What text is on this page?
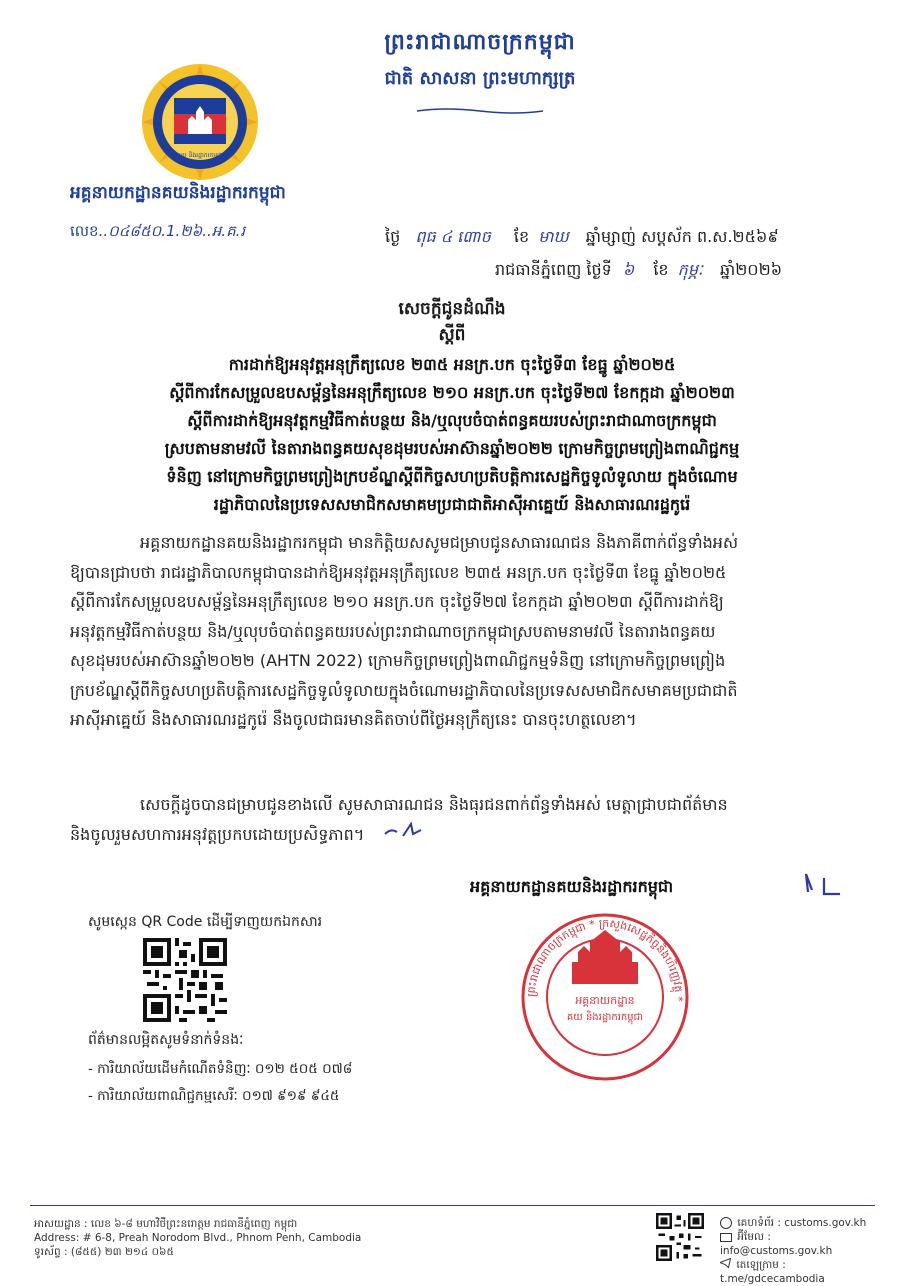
គយ និងរដ្ឋាករកម្ពុជា
ព្រះរាជាណាចក្រកម្ពុជា
ជាតិ សាសនា ព្រះមហាក្សត្រ
អគ្គនាយកដ្ឋានគយនិងរដ្ឋាករកម្ពុជា
លេខ..០៤៨៥០.1.២៦..អ.គ.រ	ថ្ងៃ ពុធ ៤ ៣ោច ខែ មាឃ ឆ្នាំម្សាញ់ សប្តស័ក ព.ស.២៥៦៩
រាជធានីភ្នំពេញ ថ្ងៃទី ៦ ខែ កុម្ភៈ ឆ្នាំ២០២៦
សេចក្តីជូនដំណឹង
ស្តីពី
ការដាក់ឱ្យអនុវត្តអនុក្រឹត្យលេខ ២៣៥ អនក្រ.បក ចុះថ្ងៃទី៣ ខែធ្នូ ឆ្នាំ២០២៥
ស្តីពីការកែសម្រួលឧបសម្ព័ន្ធនៃអនុក្រឹត្យលេខ ២១០ អនក្រ.បក ចុះថ្ងៃទី២៧ ខែកក្កដា ឆ្នាំ២០២៣
ស្តីពីការដាក់ឱ្យអនុវត្តកម្មវិធីកាត់បន្ថយ និង/ឬលុបចំបាត់ពន្ធគយរបស់ព្រះរាជាណាចក្រកម្ពុជា
ស្របតាមនាមវលី នៃតារាងពន្ធគយសុខដុមរបស់អាស៊ានឆ្នាំ២០២២ ក្រោមកិច្ចព្រមព្រៀងពាណិជ្ជកម្ម
ទំនិញ នៅក្រោមកិច្ចព្រមព្រៀងក្របខ័ណ្ឌស្តីពីកិច្ចសហប្រតិបត្តិការសេដ្ឋកិច្ចទូលំទូលាយ ក្នុងចំណោម
រដ្ឋាភិបាលនៃប្រទេសសមាជិកសមាគមប្រជាជាតិអាស៊ីអាគ្នេយ៍ និងសាធារណរដ្ឋកូរ៉េ
អគ្គនាយកដ្ឋានគយនិងរដ្ឋាករកម្ពុជា មានកិត្តិយសសូមជម្រាបជូនសាធារណជន និងភាគីពាក់ព័ន្ធទាំងអស់
ឱ្យបានជ្រាបថា រាជរដ្ឋាភិបាលកម្ពុជាបានដាក់ឱ្យអនុវត្តអនុក្រឹត្យលេខ ២៣៥ អនក្រ.បក ចុះថ្ងៃទី៣ ខែធ្នូ ឆ្នាំ២០២៥
ស្តីពីការកែសម្រួលឧបសម្ព័ន្ធនៃអនុក្រឹត្យលេខ ២១០ អនក្រ.បក ចុះថ្ងៃទី២៧ ខែកក្កដា ឆ្នាំ២០២៣ ស្តីពីការដាក់ឱ្យ
អនុវត្តកម្មវិធីកាត់បន្ថយ និង/ឬលុបចំបាត់ពន្ធគយរបស់ព្រះរាជាណាចក្រកម្ពុជាស្របតាមនាមវលី នៃតារាងពន្ធគយ
សុខដុមរបស់អាស៊ានឆ្នាំ២០២២ (AHTN 2022) ក្រោមកិច្ចព្រមព្រៀងពាណិជ្ជកម្មទំនិញ នៅក្រោមកិច្ចព្រមព្រៀង
ក្របខ័ណ្ឌស្តីពីកិច្ចសហប្រតិបត្តិការសេដ្ឋកិច្ចទូលំទូលាយក្នុងចំណោមរដ្ឋាភិបាលនៃប្រទេសសមាជិកសមាគមប្រជាជាតិ
អាស៊ីអាគ្នេយ៍ និងសាធារណរដ្ឋកូរ៉េ នឹងចូលជាធរមានគិតចាប់ពីថ្ងៃអនុក្រឹត្យនេះ បានចុះហត្ថលេខា។
សេចក្តីដូចបានជម្រាបជូនខាងលើ សូមសាធារណជន និងធុរជនពាក់ព័ន្ធទាំងអស់ មេត្តាជ្រាបជាព័ត៌មាន
និងចូលរួមសហការអនុវត្តប្រកបដោយប្រសិទ្ធភាព។
អគ្គនាយកដ្ឋានគយនិងរដ្ឋាករកម្ពុជា
ព្រះរាជាណាចក្រកម្ពុជា * ក្រសួងសេដ្ឋកិច្ចនិងហិរញ្ញវត្ថុ *
អគ្គនាយកដ្ឋាន
គយ និងរដ្ឋាករកម្ពុជា
សូមស្កេន QR Code ដើម្បីទាញយកឯកសារ
ព័ត៌មានលម្អិតសូមទំនាក់ទំនងៈ
- ការិយាល័យដើមកំណើតទំនិញៈ ០១២ ៥០៥ ០៧៨
- ការិយាល័យពាណិជ្ជកម្មសេរីៈ ០១៧ ៩១៩ ៩៤៥
អាសយដ្ឋាន : លេខ ៦-៨ មហាវិថីព្រះនរោត្តម រាជធានីភ្នំពេញ កម្ពុជា
Address: # 6-8, Preah Norodom Blvd., Phnom Penh, Cambodia
ទូរស័ព្ទ : (៨៥៥) ២៣ ២១៤ ០៦៥
គេហទំព័រ : customs.gov.kh
អ៊ីមែល : info@customs.gov.kh
តេឡេក្រាម : t.me/gdcecambodia
